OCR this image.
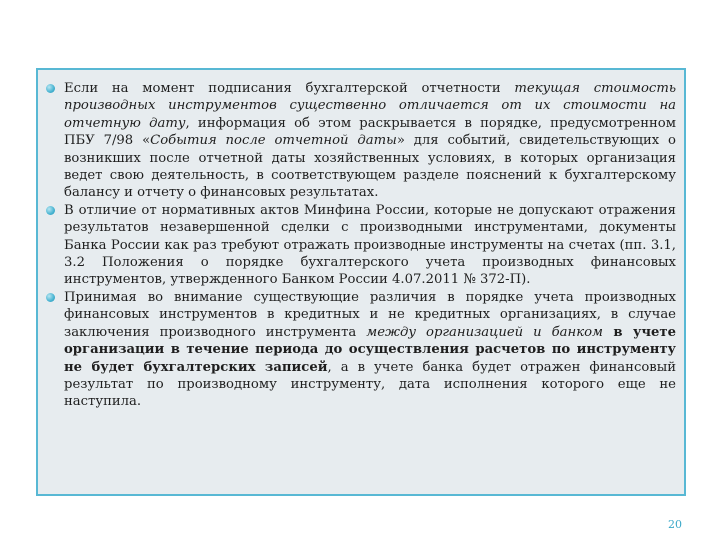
Если на момент подписания бухгалтерской отчетности текущая стоимость производных инструментов существенно отличается от их стоимости на отчетную дату, информация об этом раскрывается в порядке, предусмотренном ПБУ 7/98 «События после отчетной даты» для событий, свидетельствующих о возникших после отчетной даты хозяйственных условиях, в которых организация ведет свою деятельность, в соответствующем разделе пояснений к бухгалтерскому балансу и отчету о финансовых результатах.
В отличие от нормативных актов Минфина России, которые не допускают отражения результатов незавершенной сделки с производными инструментами, документы Банка России как раз требуют отражать производные инструменты на счетах (пп. 3.1, 3.2 Положения о порядке бухгалтерского учета производных финансовых инструментов, утвержденного Банком России 4.07.2011 № 372-П).
Принимая во внимание существующие различия в порядке учета производных финансовых инструментов в кредитных и не кредитных организациях, в случае заключения производного инструмента между организацией и банком в учете организации в течение периода до осуществления расчетов по инструменту не будет бухгалтерских записей, а в учете банка будет отражен финансовый результат по производному инструменту, дата исполнения которого еще не наступила.
20
